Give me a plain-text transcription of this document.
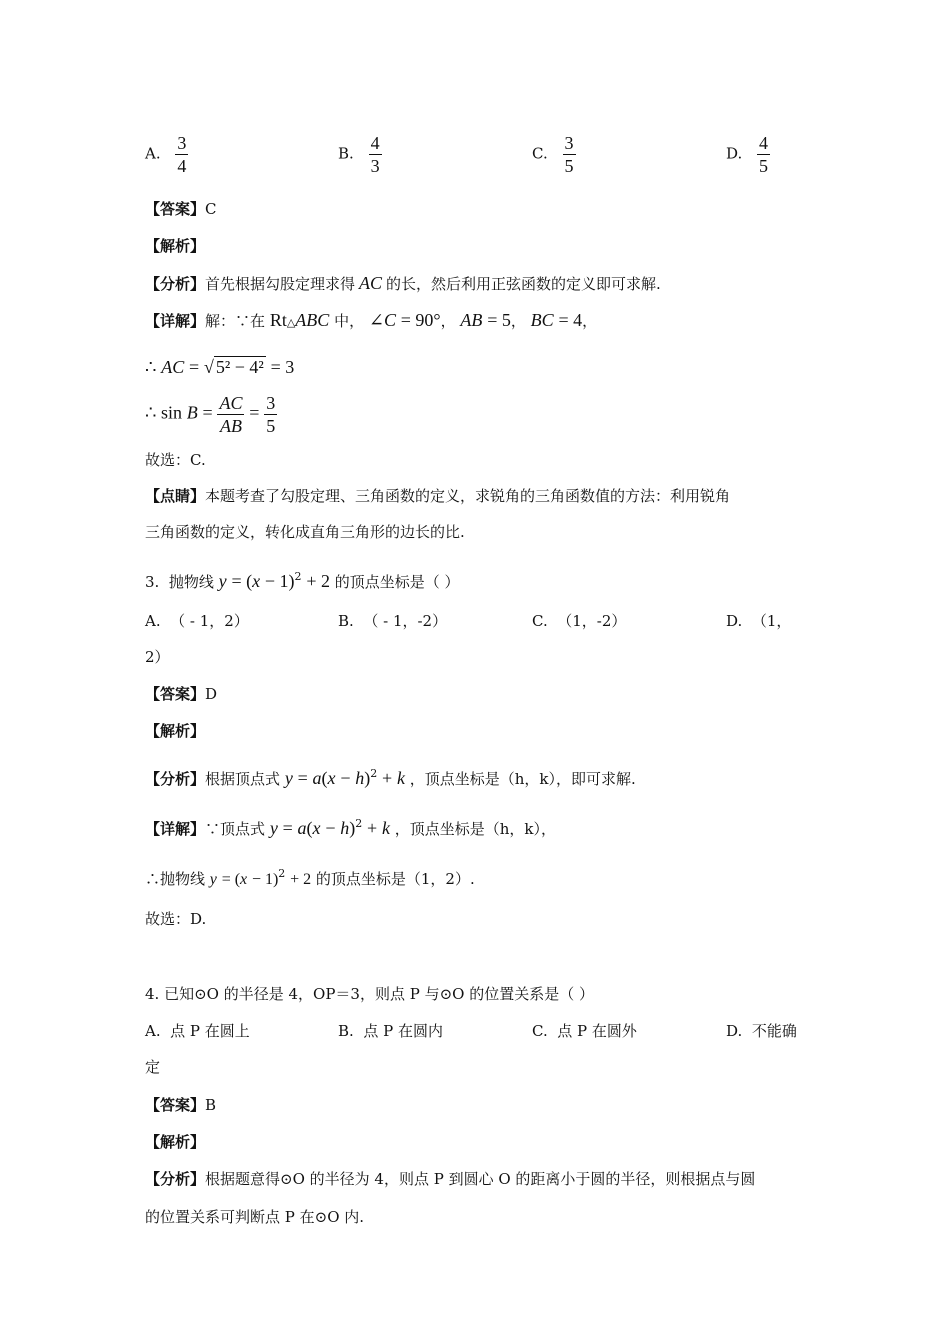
A. $\frac{3}{4}$	B. $\frac{4}{3}$	C. $\frac{3}{5}$	D. $\frac{4}{5}$
【答案】C
【解析】
【分析】首先根据勾股定理求得 AC 的长，然后利用正弦函数的定义即可求解.
【详解】解：∵在 Rt△ABC 中， ∠C = 90°， AB = 5， BC = 4，
∴ AC = √ 5² − 4² = 3
∴ $\sin B = \frac{AC}{AB} = \frac{3}{5}$
故选：C.
【点睛】本题考查了勾股定理、三角函数的定义，求锐角的三角函数值的方法：利用锐角
三角函数的定义，转化成直角三角形的边长的比.
3. 抛物线 $y = (x - 1)^2 + 2$ 的顶点坐标是（ ）
A. （ - 1，2）	B. （ - 1，-2）	C. （1，-2）	D. （1，
2）
【答案】D
【解析】
【分析】根据顶点式 $y = a(x - h)^2 + k$ ，顶点坐标是（h，k），即可求解.
【详解】∵顶点式 $y = a(x - h)^2 + k$ ，顶点坐标是（h，k），
∴抛物线 $y = (x - 1)^2 + 2$ 的顶点坐标是（1，2）.
故选：D.
4. 已知⊙O 的半径是 4，OP＝3，则点 P 与⊙O 的位置关系是（ ）
A. 点 P 在圆上	B. 点 P 在圆内	C. 点 P 在圆外	D. 不能确
定
【答案】B
【解析】
【分析】根据题意得⊙O 的半径为 4，则点 P 到圆心 O 的距离小于圆的半径，则根据点与圆
的位置关系可判断点 P 在⊙O 内.
